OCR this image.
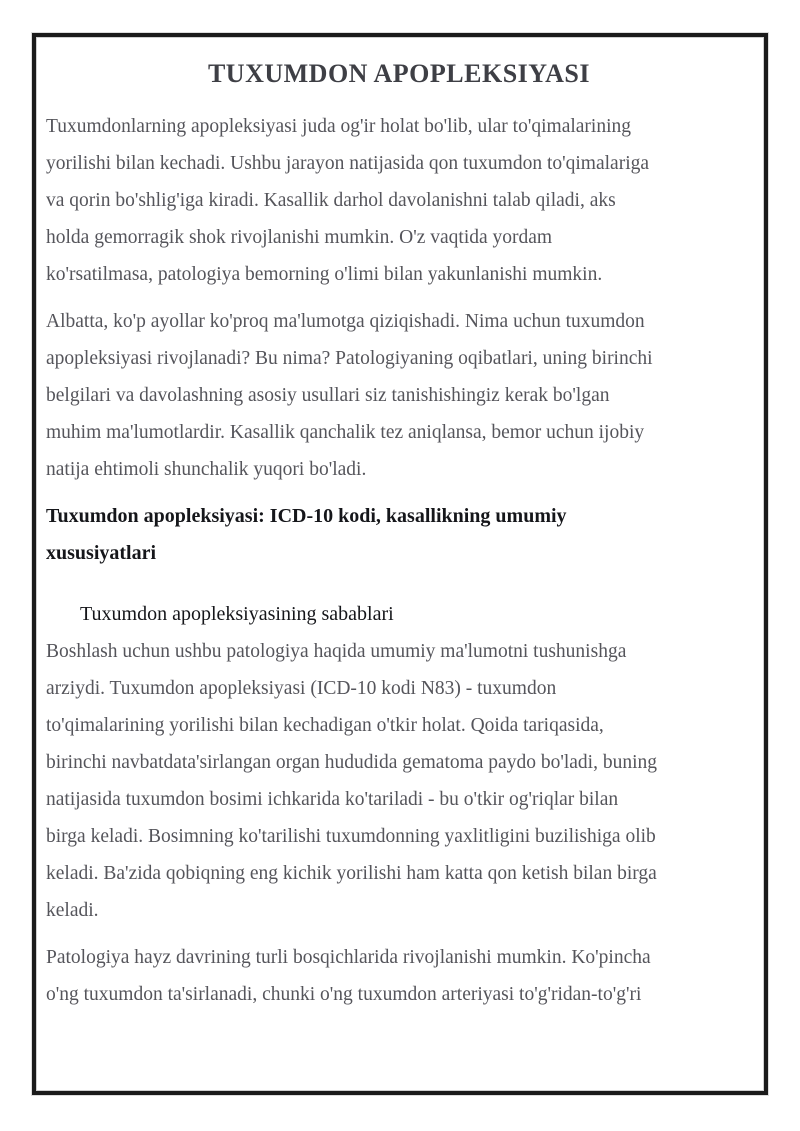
TUXUMDON APOPLEKSIYASI
Tuxumdonlarning apopleksiyasi juda og'ir holat bo'lib, ular to'qimalarining
yorilishi bilan kechadi. Ushbu jarayon natijasida qon tuxumdon to'qimalariga
va qorin bo'shlig'iga kiradi. Kasallik darhol davolanishni talab qiladi, aks
holda gemorragik shok rivojlanishi mumkin. O'z vaqtida yordam
ko'rsatilmasa, patologiya bemorning o'limi bilan yakunlanishi mumkin.
Albatta, ko'p ayollar ko'proq ma'lumotga qiziqishadi. Nima uchun tuxumdon
apopleksiyasi rivojlanadi? Bu nima? Patologiyaning oqibatlari, uning birinchi
belgilari va davolashning asosiy usullari siz tanishishingiz kerak bo'lgan
muhim ma'lumotlardir. Kasallik qanchalik tez aniqlansa, bemor uchun ijobiy
natija ehtimoli shunchalik yuqori bo'ladi.
Tuxumdon apopleksiyasi: ICD-10 kodi, kasallikning umumiy
xususiyatlari
Tuxumdon apopleksiyasining sabablari
Boshlash uchun ushbu patologiya haqida umumiy ma'lumotni tushunishga
arziydi. Tuxumdon apopleksiyasi (ICD-10 kodi N83) - tuxumdon
to'qimalarining yorilishi bilan kechadigan o'tkir holat. Qoida tariqasida,
birinchi navbatdata'sirlangan organ hududida gematoma paydo bo'ladi, buning
natijasida tuxumdon bosimi ichkarida ko'tariladi - bu o'tkir og'riqlar bilan
birga keladi. Bosimning ko'tarilishi tuxumdonning yaxlitligini buzilishiga olib
keladi. Ba'zida qobiqning eng kichik yorilishi ham katta qon ketish bilan birga
keladi.
Patologiya hayz davrining turli bosqichlarida rivojlanishi mumkin. Ko'pincha
o'ng tuxumdon ta'sirlanadi, chunki o'ng tuxumdon arteriyasi to'g'ridan-to'g'ri
